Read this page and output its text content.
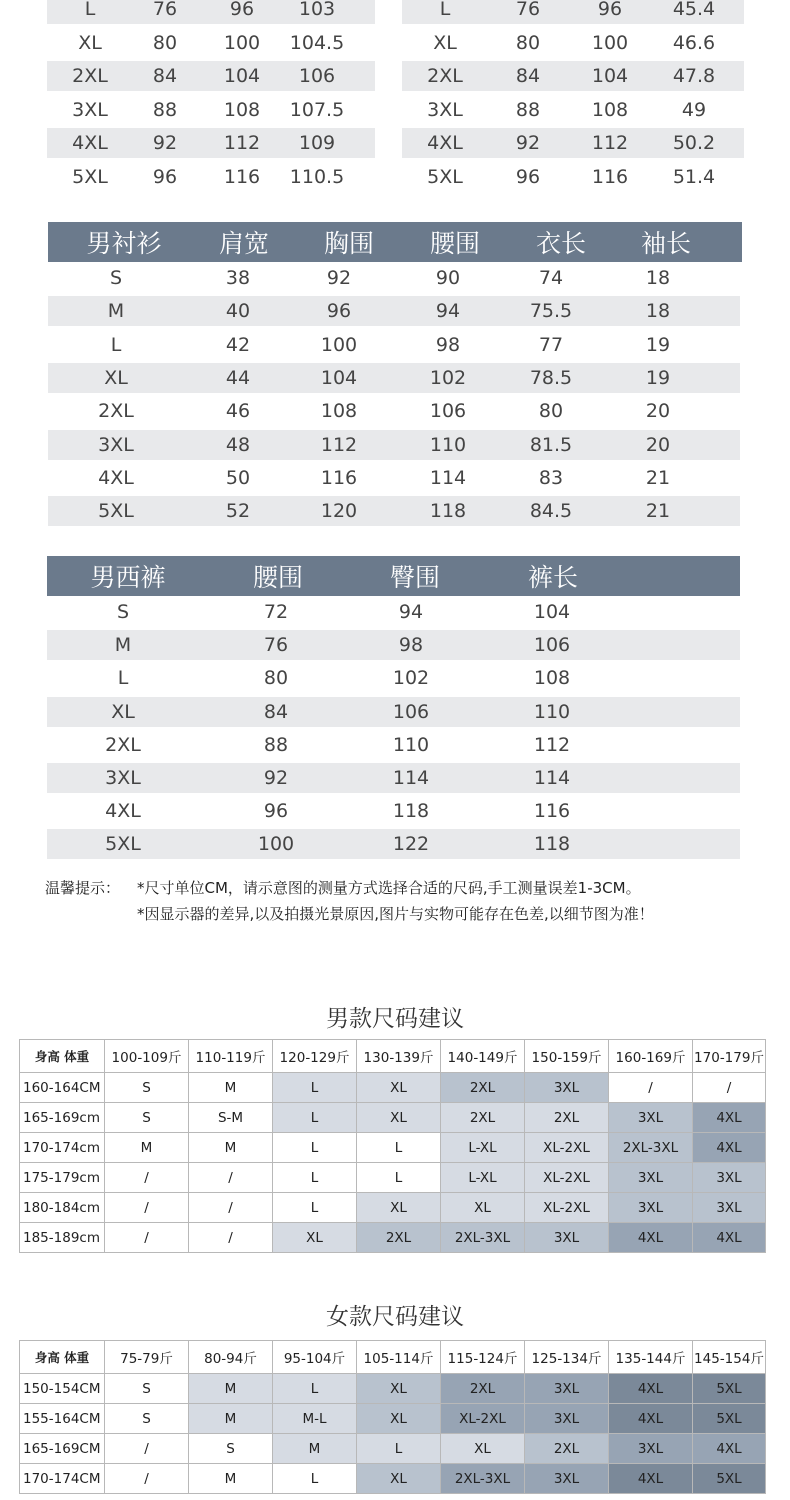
L	76	96	103
XL	80	100	104.5
2XL	84	104	106
3XL	88	108	107.5
4XL	92	112	109
5XL	96	116	110.5
L	76	96	45.4
XL	80	100	46.6
2XL	84	104	47.8
3XL	88	108	49
4XL	92	112	50.2
5XL	96	116	51.4
男衬衫	肩宽	胸围	腰围	衣长	袖长
S	38	92	90	74	18
M	40	96	94	75.5	18
L	42	100	98	77	19
XL	44	104	102	78.5	19
2XL	46	108	106	80	20
3XL	48	112	110	81.5	20
4XL	50	116	114	83	21
5XL	52	120	118	84.5	21
男西裤	腰围	臀围	裤长
S	72	94	104
M	76	98	106
L	80	102	108
XL	84	106	110
2XL	88	110	112
3XL	92	114	114
4XL	96	118	116
5XL	100	122	118
温馨提示： *尺寸单位CM，请示意图的测量方式选择合适的尺码,手工测量误差1-3CM。
*因显示器的差异,以及拍摄光景原因,图片与实物可能存在色差,以细节图为准！
男款尺码建议
身高 体重	100-109斤	110-119斤	120-129斤	130-139斤	140-149斤	150-159斤	160-169斤	170-179斤
160-164CM	S	M	L	XL	2XL	3XL	/	/
165-169cm	S	S-M	L	XL	2XL	2XL	3XL	4XL
170-174cm	M	M	L	L	L-XL	XL-2XL	2XL-3XL	4XL
175-179cm	/	/	L	L	L-XL	XL-2XL	3XL	3XL
180-184cm	/	/	L	XL	XL	XL-2XL	3XL	3XL
185-189cm	/	/	XL	2XL	2XL-3XL	3XL	4XL	4XL
女款尺码建议
身高 体重	75-79斤	80-94斤	95-104斤	105-114斤	115-124斤	125-134斤	135-144斤	145-154斤
150-154CM	S	M	L	XL	2XL	3XL	4XL	5XL
155-164CM	S	M	M-L	XL	XL-2XL	3XL	4XL	5XL
165-169CM	/	S	M	L	XL	2XL	3XL	4XL
170-174CM	/	M	L	XL	2XL-3XL	3XL	4XL	5XL
